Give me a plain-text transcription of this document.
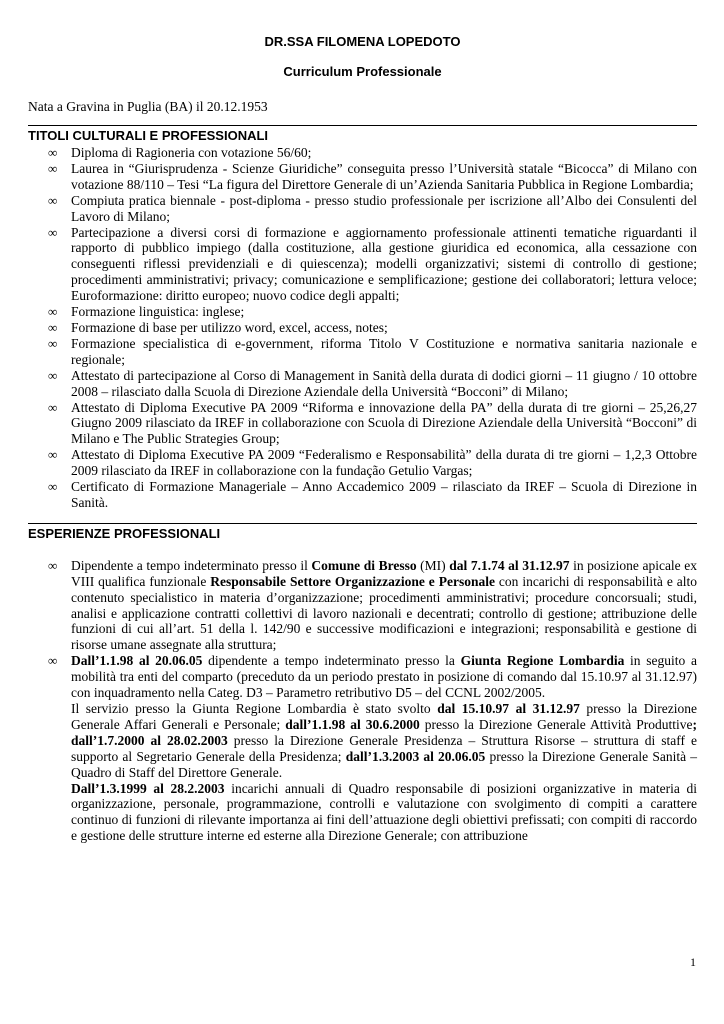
DR.SSA FILOMENA LOPEDOTO

Curriculum Professionale

Nata a Gravina in Puglia (BA) il 20.12.1953

TITOLI CULTURALI E PROFESSIONALI
∞ Diploma di Ragioneria con votazione 56/60;
∞ Laurea in “Giurisprudenza - Scienze Giuridiche” conseguita presso l’Università statale “Bicocca” di Milano con votazione 88/110 – Tesi “La figura del Direttore Generale di un’Azienda Sanitaria Pubblica in Regione Lombardia;
∞ Compiuta pratica biennale - post-diploma - presso studio professionale per iscrizione all’Albo dei Consulenti del Lavoro di Milano;
∞ Partecipazione a diversi corsi di formazione e aggiornamento professionale attinenti tematiche riguardanti il rapporto di pubblico impiego (dalla costituzione, alla gestione giuridica ed economica, alla cessazione con conseguenti riflessi previdenziali e di quiescenza); modelli organizzativi; sistemi di controllo di gestione; procedimenti amministrativi; privacy; comunicazione e semplificazione; gestione dei collaboratori; lettura veloce; Euroformazione: diritto europeo; nuovo codice degli appalti;
∞ Formazione linguistica: inglese;
∞ Formazione di base per utilizzo word, excel, access, notes;
∞ Formazione specialistica di e-government, riforma Titolo V Costituzione e normativa sanitaria nazionale e regionale;
∞ Attestato di partecipazione al Corso di Management in Sanità della durata di dodici giorni – 11 giugno / 10 ottobre 2008 – rilasciato dalla Scuola di Direzione Aziendale della Università “Bocconi” di Milano;
∞ Attestato di Diploma Executive PA 2009 “Riforma e innovazione della PA” della durata di tre giorni – 25,26,27 Giugno 2009 rilasciato da IREF in collaborazione con Scuola di Direzione Aziendale della Università “Bocconi” di Milano e The Public Strategies Group;
∞ Attestato di Diploma Executive PA 2009 “Federalismo e Responsabilità” della durata di tre giorni – 1,2,3 Ottobre 2009 rilasciato da IREF in collaborazione con la fundação Getulio Vargas;
∞ Certificato di Formazione Manageriale – Anno Accademico 2009 – rilasciato da IREF – Scuola di Direzione in Sanità.
ESPERIENZE PROFESSIONALI
∞ Dipendente a tempo indeterminato presso il Comune di Bresso (MI) dal 7.1.74 al 31.12.97 in posizione apicale ex VIII qualifica funzionale Responsabile Settore Organizzazione e Personale con incarichi di responsabilità e alto contenuto specialistico in materia d’organizzazione; procedimenti amministrativi; procedure concorsuali; studi, analisi e applicazione contratti collettivi di lavoro nazionali e decentrati; controllo di gestione; attribuzione delle funzioni di cui all’art. 51 della l. 142/90 e successive modificazioni e integrazioni; responsabilità e gestione di risorse umane assegnate alla struttura;
∞ Dall’1.1.98 al 20.06.05 dipendente a tempo indeterminato presso la Giunta Regione Lombardia in seguito a mobilità tra enti del comparto (preceduto da un periodo prestato in posizione di comando dal 15.10.97 al 31.12.97) con inquadramento nella Categ. D3 – Parametro retributivo D5 – del CCNL 2002/2005.

Il servizio presso la Giunta Regione Lombardia è stato svolto dal 15.10.97 al 31.12.97 presso la Direzione Generale Affari Generali e Personale; dall’1.1.98 al 30.6.2000 presso la Direzione Generale Attività Produttive; dall’1.7.2000 al 28.02.2003 presso la Direzione Generale Presidenza – Struttura Risorse – struttura di staff e supporto al Segretario Generale della Presidenza; dall’1.3.2003 al 20.06.05 presso la Direzione Generale Sanità – Quadro di Staff del Direttore Generale.

Dall’1.3.1999 al 28.2.2003 incarichi annuali di Quadro responsabile di posizioni organizzative in materia di organizzazione, personale, programmazione, controlli e valutazione con svolgimento di compiti a carattere continuo di funzioni di rilevante importanza ai fini dell’attuazione degli obiettivi prefissati; con compiti di raccordo e gestione delle strutture interne ed esterne alla Direzione Generale; con attribuzione

1
